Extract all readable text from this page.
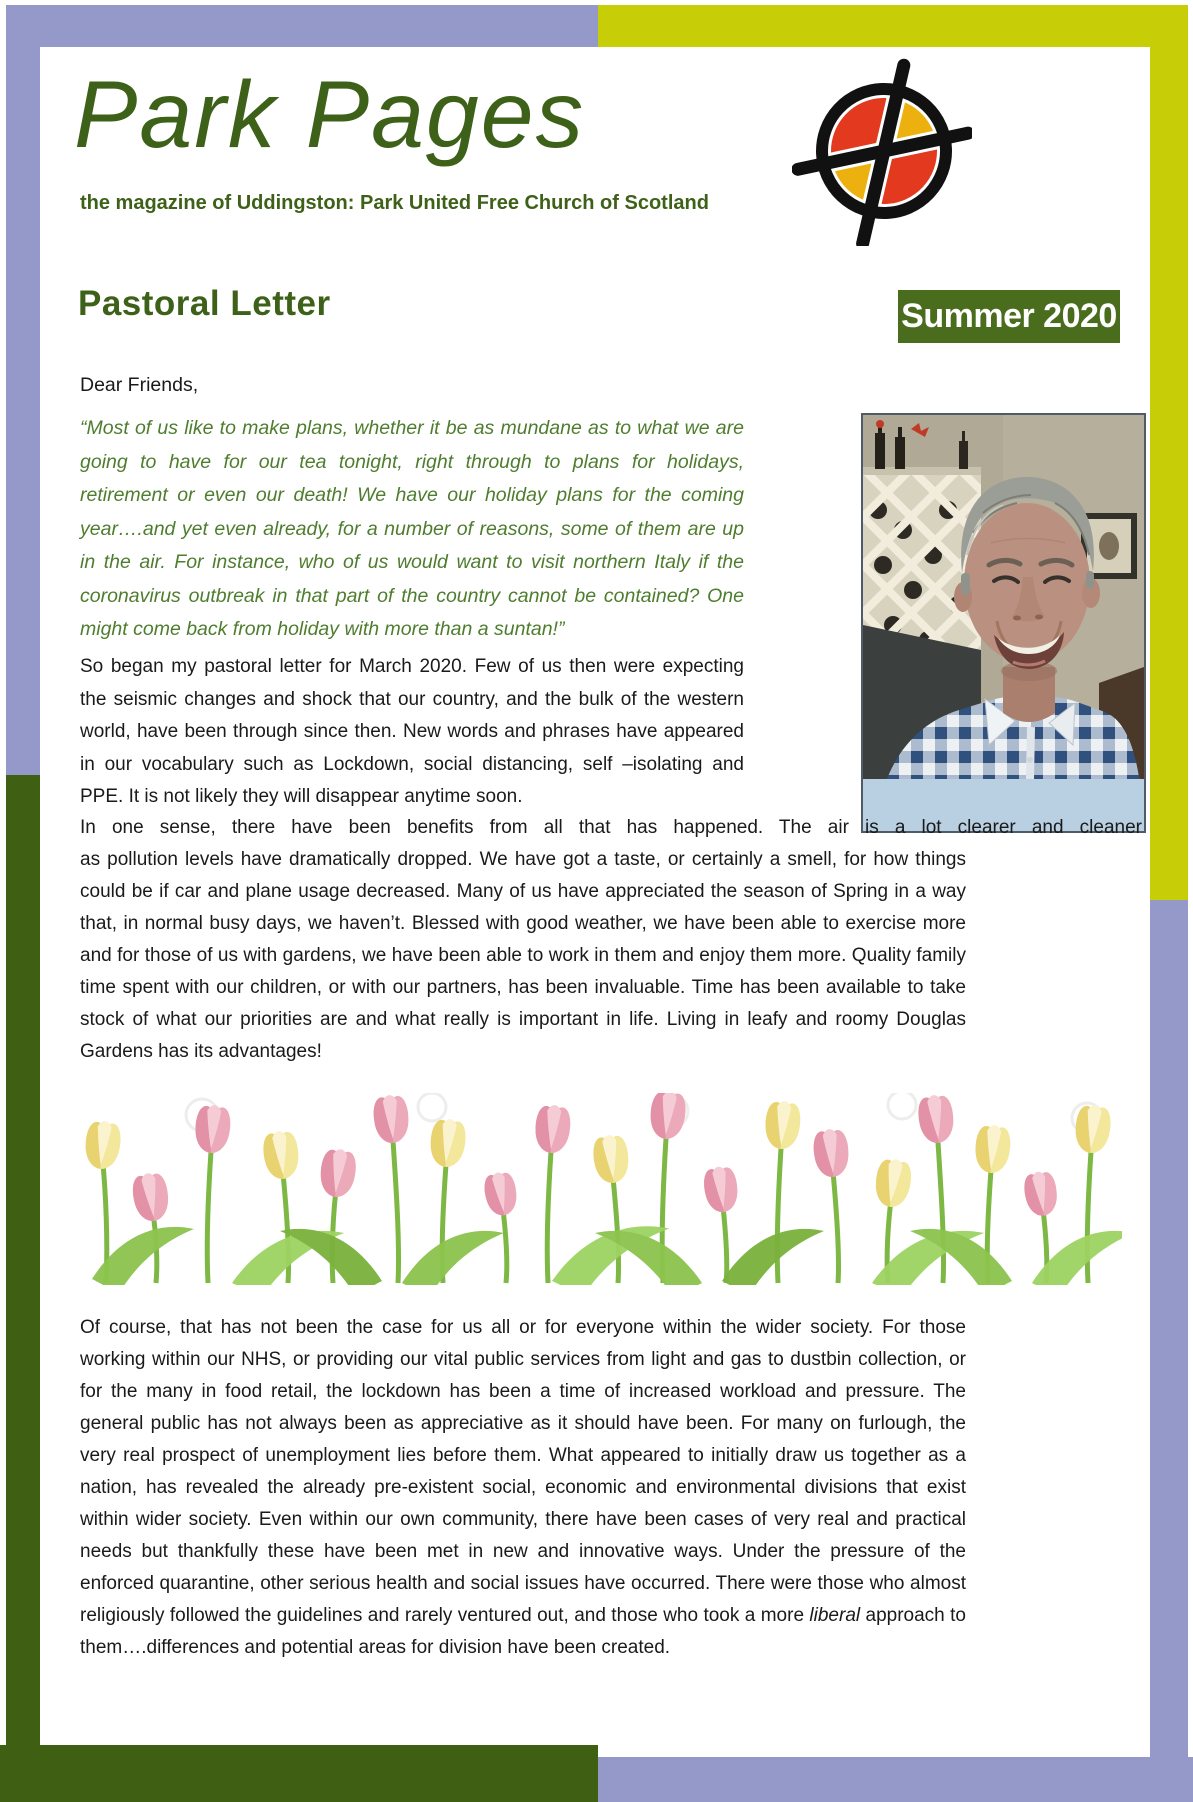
Park Pages
the magazine of Uddingston: Park United Free Church of Scotland
Pastoral Letter	Summer 2020
Dear Friends,
“Most of us like to make plans, whether it be as mundane as to what we are going to have for our tea tonight, right through to plans for holidays, retirement or even our death! We have our holiday plans for the coming year….and yet even already, for a number of reasons, some of them are up in the air. For instance, who of us would want to visit northern Italy if the coronavirus outbreak in that part of the country cannot be contained? One might come back from holiday with more than a suntan!”
So began my pastoral letter for March 2020. Few of us then were expecting the seismic changes and shock that our country, and the bulk of the western world, have been through since then. New words and phrases have appeared in our vocabulary such as Lockdown, social distancing, self –isolating and PPE. It is not likely they will disappear anytime soon.
In one sense, there have been benefits from all that has happened. The air is a lot clearer and cleaner
as pollution levels have dramatically dropped. We have got a taste, or certainly a smell, for how things could be if car and plane usage decreased. Many of us have appreciated the season of Spring in a way that, in normal busy days, we haven’t. Blessed with good weather, we have been able to exercise more and for those of us with gardens, we have been able to work in them and enjoy them more. Quality family time spent with our children, or with our partners, has been invaluable. Time has been available to take stock of what our priorities are and what really is important in life. Living in leafy and roomy Douglas Gardens has its advantages!
Of course, that has not been the case for us all or for everyone within the wider society. For those working within our NHS, or providing our vital public services from light and gas to dustbin collection, or for the many in food retail, the lockdown has been a time of increased workload and pressure. The general public has not always been as appreciative as it should have been. For many on furlough, the very real prospect of unemployment lies before them. What appeared to initially draw us together as a nation, has revealed the already pre-existent social, economic and environmental divisions that exist within wider society. Even within our own community, there have been cases of very real and practical needs but thankfully these have been met in new and innovative ways. Under the pressure of the enforced quarantine, other serious health and social issues have occurred. There were those who almost religiously followed the guidelines and rarely ventured out, and those who took a more liberal approach to them….differences and potential areas for division have been created.
